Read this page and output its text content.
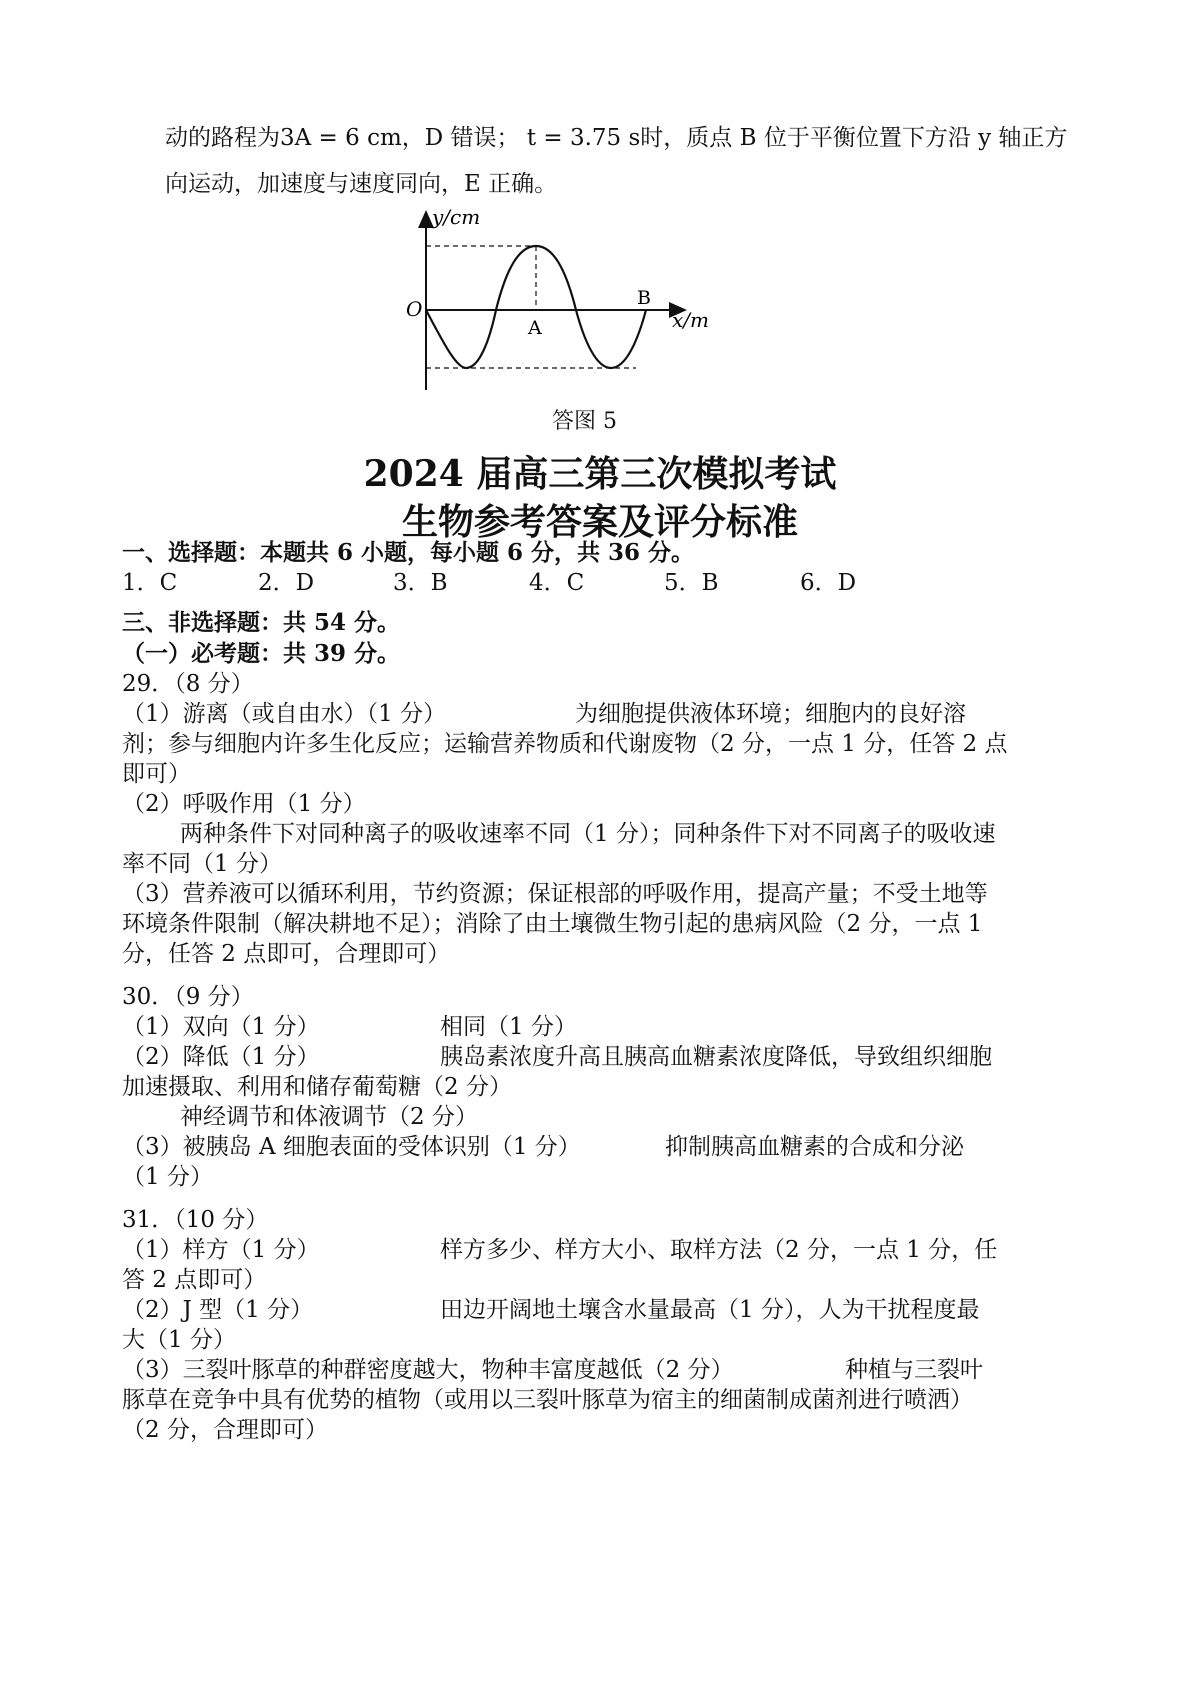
动的路程为3A = 6 cm，D 错误； t = 3.75 s时，质点 B 位于平衡位置下方沿 y 轴正方
向运动，加速度与速度同向，E 正确。
y/cm
O
A
B
x/m
答图 5
2024 届高三第三次模拟考试
生物参考答案及评分标准
一、选择题：本题共 6 小题，每小题 6 分，共 36 分。
1．C	2．D	3．B	4．C	5．B	6．D
三、非选择题：共 54 分。
（一）必考题：共 39 分。
29．（8 分）
（1）游离（或自由水）（1 分）	为细胞提供液体环境；细胞内的良好溶
剂；参与细胞内许多生化反应；运输营养物质和代谢废物（2 分，一点 1 分，任答 2 点
即可）
（2）呼吸作用（1 分）
两种条件下对同种离子的吸收速率不同（1 分）；同种条件下对不同离子的吸收速
率不同（1 分）
（3）营养液可以循环利用，节约资源；保证根部的呼吸作用，提高产量；不受土地等
环境条件限制（解决耕地不足）；消除了由土壤微生物引起的患病风险（2 分，一点 1
分，任答 2 点即可，合理即可）
30．（9 分）
（1）双向（1 分）	相同（1 分）
（2）降低（1 分）	胰岛素浓度升高且胰高血糖素浓度降低，导致组织细胞
加速摄取、利用和储存葡萄糖（2 分）
神经调节和体液调节（2 分）
（3）被胰岛 A 细胞表面的受体识别（1 分）	抑制胰高血糖素的合成和分泌
（1 分）
31．（10 分）
（1）样方（1 分）	样方多少、样方大小、取样方法（2 分，一点 1 分，任
答 2 点即可）
（2）J 型（1 分）	田边开阔地土壤含水量最高（1 分），人为干扰程度最
大（1 分）
（3）三裂叶豚草的种群密度越大，物种丰富度越低（2 分）	种植与三裂叶
豚草在竞争中具有优势的植物（或用以三裂叶豚草为宿主的细菌制成菌剂进行喷洒）
（2 分，合理即可）
